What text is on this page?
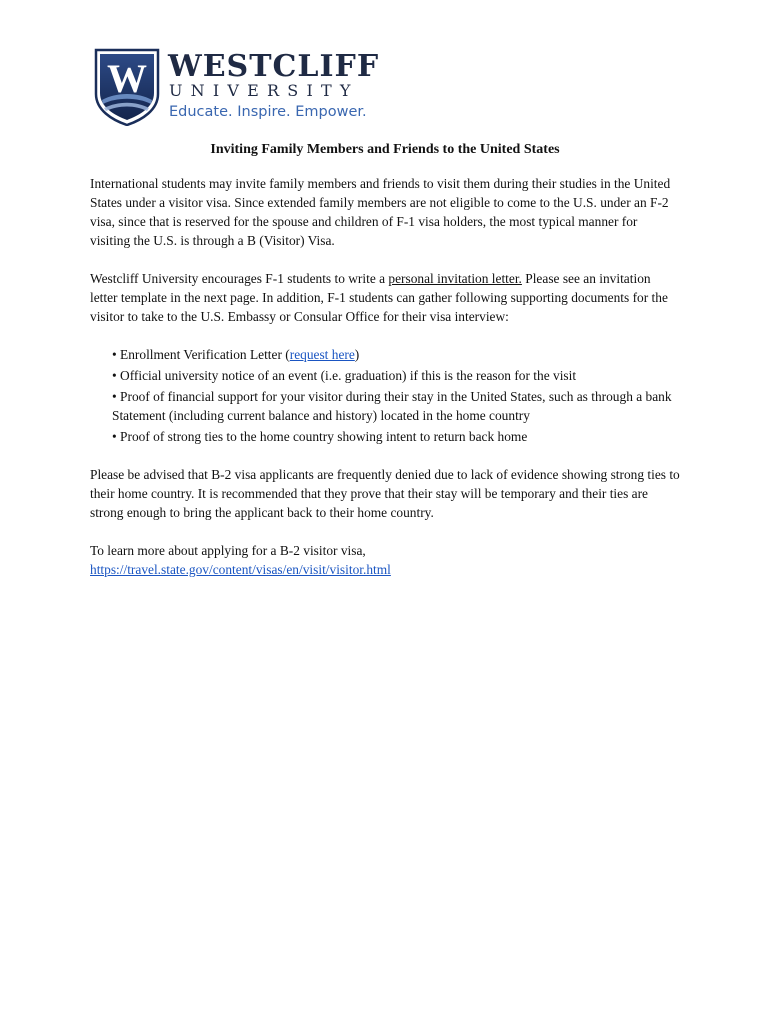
W WESTCLIFF
UNIVERSITY
Educate. Inspire. Empower.
Inviting Family Members and Friends to the United States

International students may invite family members and friends to visit them during their studies in the United States under a visitor visa. Since extended family members are not eligible to come to the U.S. under an F-2 visa, since that is reserved for the spouse and children of F-1 visa holders, the most typical manner for visiting the U.S. is through a B (Visitor) Visa.

Westcliff University encourages F-1 students to write a personal invitation letter. Please see an invitation letter template in the next page. In addition, F-1 students can gather following supporting documents for the visitor to take to the U.S. Embassy or Consular Office for their visa interview:

• Enrollment Verification Letter (request here)
• Official university notice of an event (i.e. graduation) if this is the reason for the visit
• Proof of financial support for your visitor during their stay in the United States, such as through a bank Statement (including current balance and history) located in the home country
• Proof of strong ties to the home country showing intent to return back home

Please be advised that B-2 visa applicants are frequently denied due to lack of evidence showing strong ties to their home country. It is recommended that they prove that their stay will be temporary and their ties are strong enough to bring the applicant back to their home country.

To learn more about applying for a B-2 visitor visa,
https://travel.state.gov/content/visas/en/visit/visitor.html
